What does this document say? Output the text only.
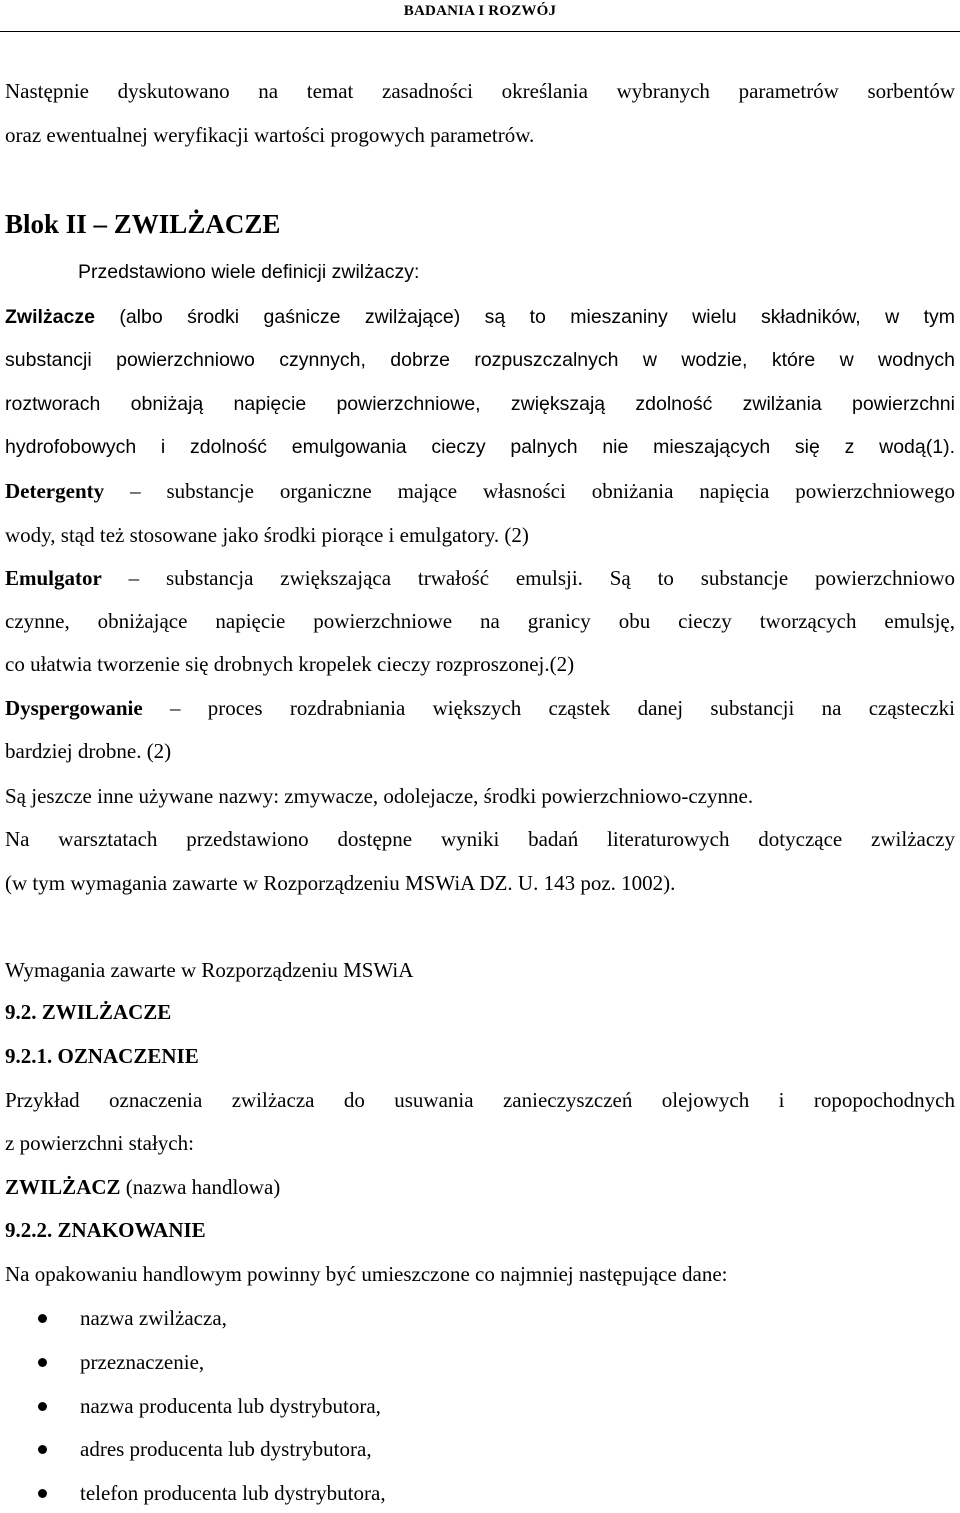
BADANIA I ROZWÓJ
Następnie dyskutowano na temat zasadności określania wybranych parametrów sorbentów
oraz ewentualnej weryfikacji wartości progowych parametrów.
Blok II – ZWILŻACZE
Przedstawiono wiele definicji zwilżaczy:
Zwilżacze (albo środki gaśnicze zwilżające) są to mieszaniny wielu składników, w tym
substancji powierzchniowo czynnych, dobrze rozpuszczalnych w wodzie, które w wodnych
roztworach obniżają napięcie powierzchniowe, zwiększają zdolność zwilżania powierzchni
hydrofobowych i zdolność emulgowania cieczy palnych nie mieszających się z wodą(1).
Detergenty – substancje organiczne mające własności obniżania napięcia powierzchniowego
wody, stąd też stosowane jako środki piorące i emulgatory. (2)
Emulgator – substancja zwiększająca trwałość emulsji. Są to substancje powierzchniowo
czynne, obniżające napięcie powierzchniowe na granicy obu cieczy tworzących emulsję,
co ułatwia tworzenie się drobnych kropelek cieczy rozproszonej.(2)
Dyspergowanie – proces rozdrabniania większych cząstek danej substancji na cząsteczki
bardziej drobne. (2)
Są jeszcze inne używane nazwy: zmywacze, odolejacze, środki powierzchniowo-czynne.
Na warsztatach przedstawiono dostępne wyniki badań literaturowych dotyczące zwilżaczy
(w tym wymagania zawarte w Rozporządzeniu MSWiA DZ. U. 143 poz. 1002).
Wymagania zawarte w Rozporządzeniu MSWiA
9.2. ZWILŻACZE
9.2.1. OZNACZENIE
Przykład oznaczenia zwilżacza do usuwania zanieczyszczeń olejowych i ropopochodnych
z powierzchni stałych:
ZWILŻACZ (nazwa handlowa)
9.2.2. ZNAKOWANIE
Na opakowaniu handlowym powinny być umieszczone co najmniej następujące dane:
nazwa zwilżacza,
przeznaczenie,
nazwa producenta lub dystrybutora,
adres producenta lub dystrybutora,
telefon producenta lub dystrybutora,
